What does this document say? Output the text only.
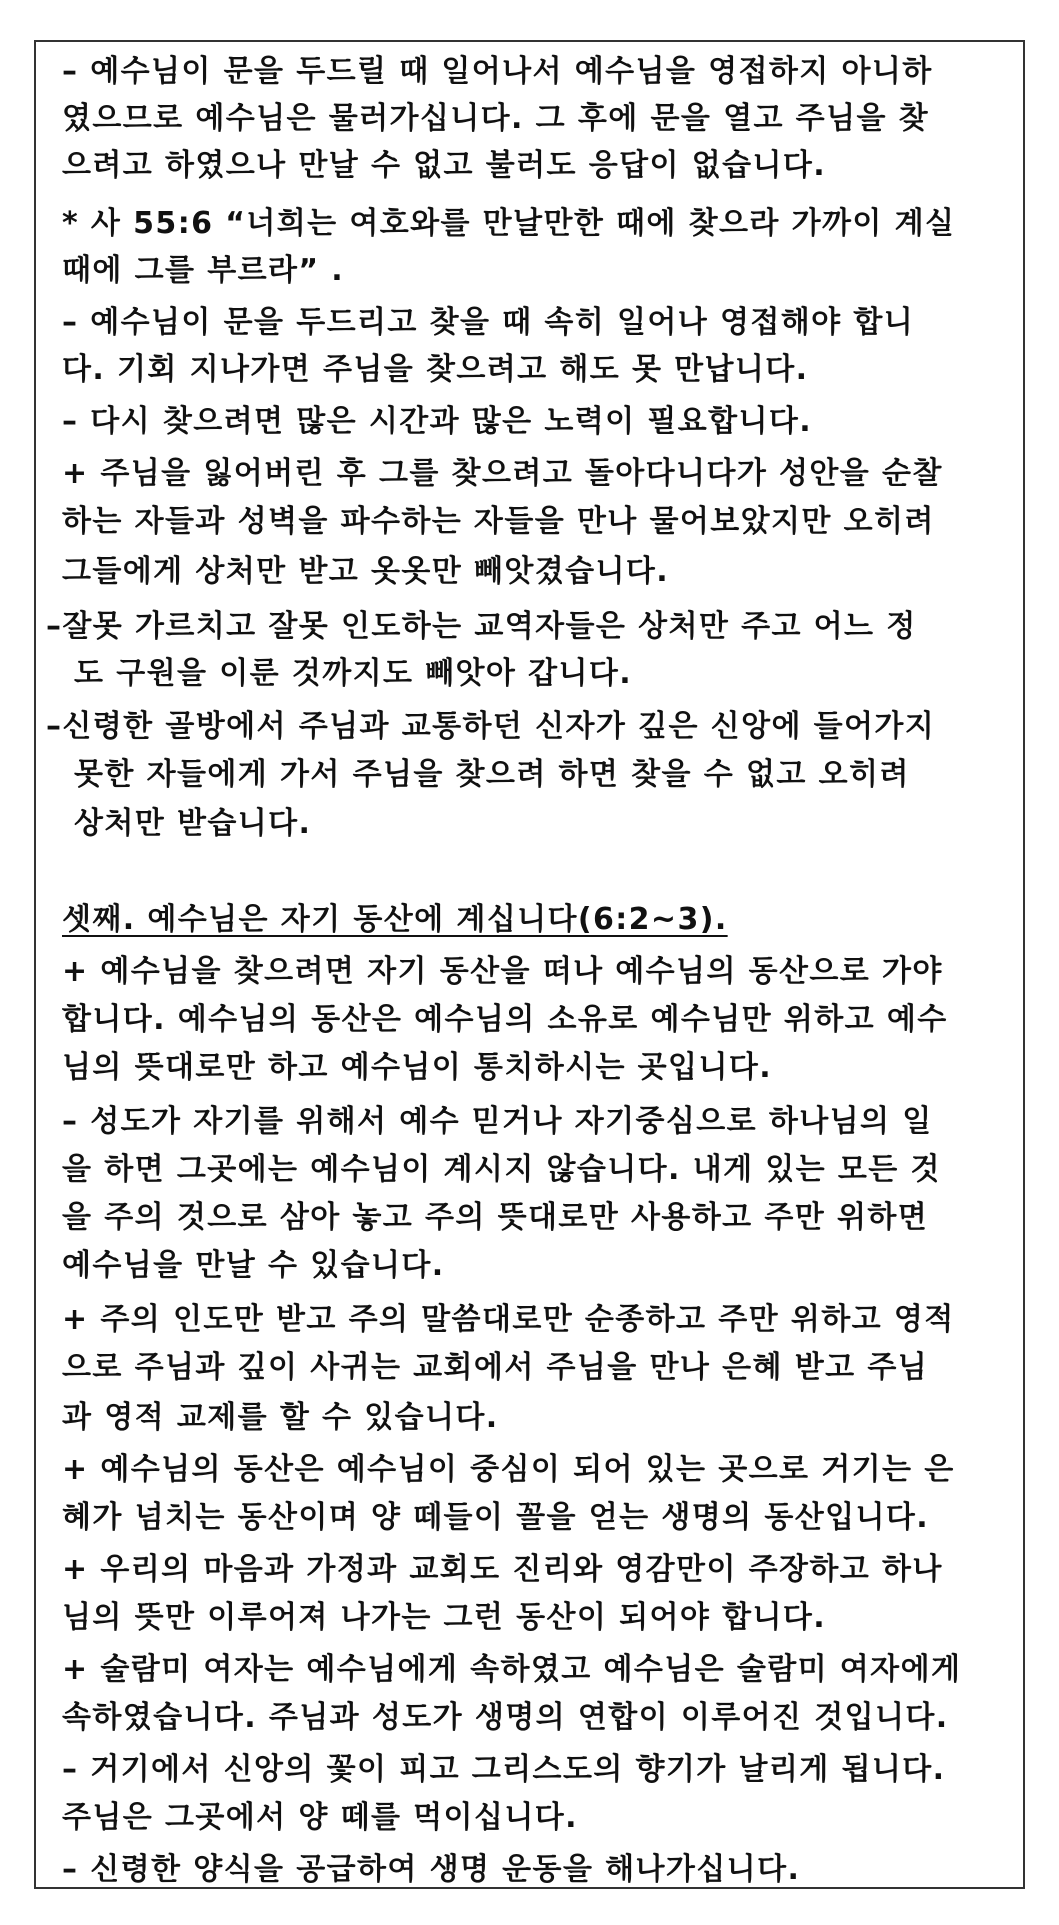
– 예수님이 문을 두드릴 때 일어나서 예수님을 영접하지 아니하
였으므로 예수님은 물러가십니다. 그 후에 문을 열고 주님을 찾
으려고 하였으나 만날 수 없고 불러도 응답이 없습니다.
* 사 55:6 “너희는 여호와를 만날만한 때에 찾으라 가까이 계실
때에 그를 부르라” .
– 예수님이 문을 두드리고 찾을 때 속히 일어나 영접해야 합니
다. 기회 지나가면 주님을 찾으려고 해도 못 만납니다.
– 다시 찾으려면 많은 시간과 많은 노력이 필요합니다.
+ 주님을 잃어버린 후 그를 찾으려고 돌아다니다가 성안을 순찰
하는 자들과 성벽을 파수하는 자들을 만나 물어보았지만 오히려
그들에게 상처만 받고 옷옷만 빼앗겼습니다.
–잘못 가르치고 잘못 인도하는 교역자들은 상처만 주고 어느 정
도 구원을 이룬 것까지도 빼앗아 갑니다.
–신령한 골방에서 주님과 교통하던 신자가 깊은 신앙에 들어가지
못한 자들에게 가서 주님을 찾으려 하면 찾을 수 없고 오히려
상처만 받습니다.
셋째. 예수님은 자기 동산에 계십니다(6:2~3).
+ 예수님을 찾으려면 자기 동산을 떠나 예수님의 동산으로 가야
합니다. 예수님의 동산은 예수님의 소유로 예수님만 위하고 예수
님의 뜻대로만 하고 예수님이 통치하시는 곳입니다.
– 성도가 자기를 위해서 예수 믿거나 자기중심으로 하나님의 일
을 하면 그곳에는 예수님이 계시지 않습니다. 내게 있는 모든 것
을 주의 것으로 삼아 놓고 주의 뜻대로만 사용하고 주만 위하면
예수님을 만날 수 있습니다.
+ 주의 인도만 받고 주의 말씀대로만 순종하고 주만 위하고 영적
으로 주님과 깊이 사귀는 교회에서 주님을 만나 은혜 받고 주님
과 영적 교제를 할 수 있습니다.
+ 예수님의 동산은 예수님이 중심이 되어 있는 곳으로 거기는 은
혜가 넘치는 동산이며 양 떼들이 꼴을 얻는 생명의 동산입니다.
+ 우리의 마음과 가정과 교회도 진리와 영감만이 주장하고 하나
님의 뜻만 이루어져 나가는 그런 동산이 되어야 합니다.
+ 술람미 여자는 예수님에게 속하였고 예수님은 술람미 여자에게
속하였습니다. 주님과 성도가 생명의 연합이 이루어진 것입니다.
– 거기에서 신앙의 꽃이 피고 그리스도의 향기가 날리게 됩니다.
주님은 그곳에서 양 떼를 먹이십니다.
– 신령한 양식을 공급하여 생명 운동을 해나가십니다.
